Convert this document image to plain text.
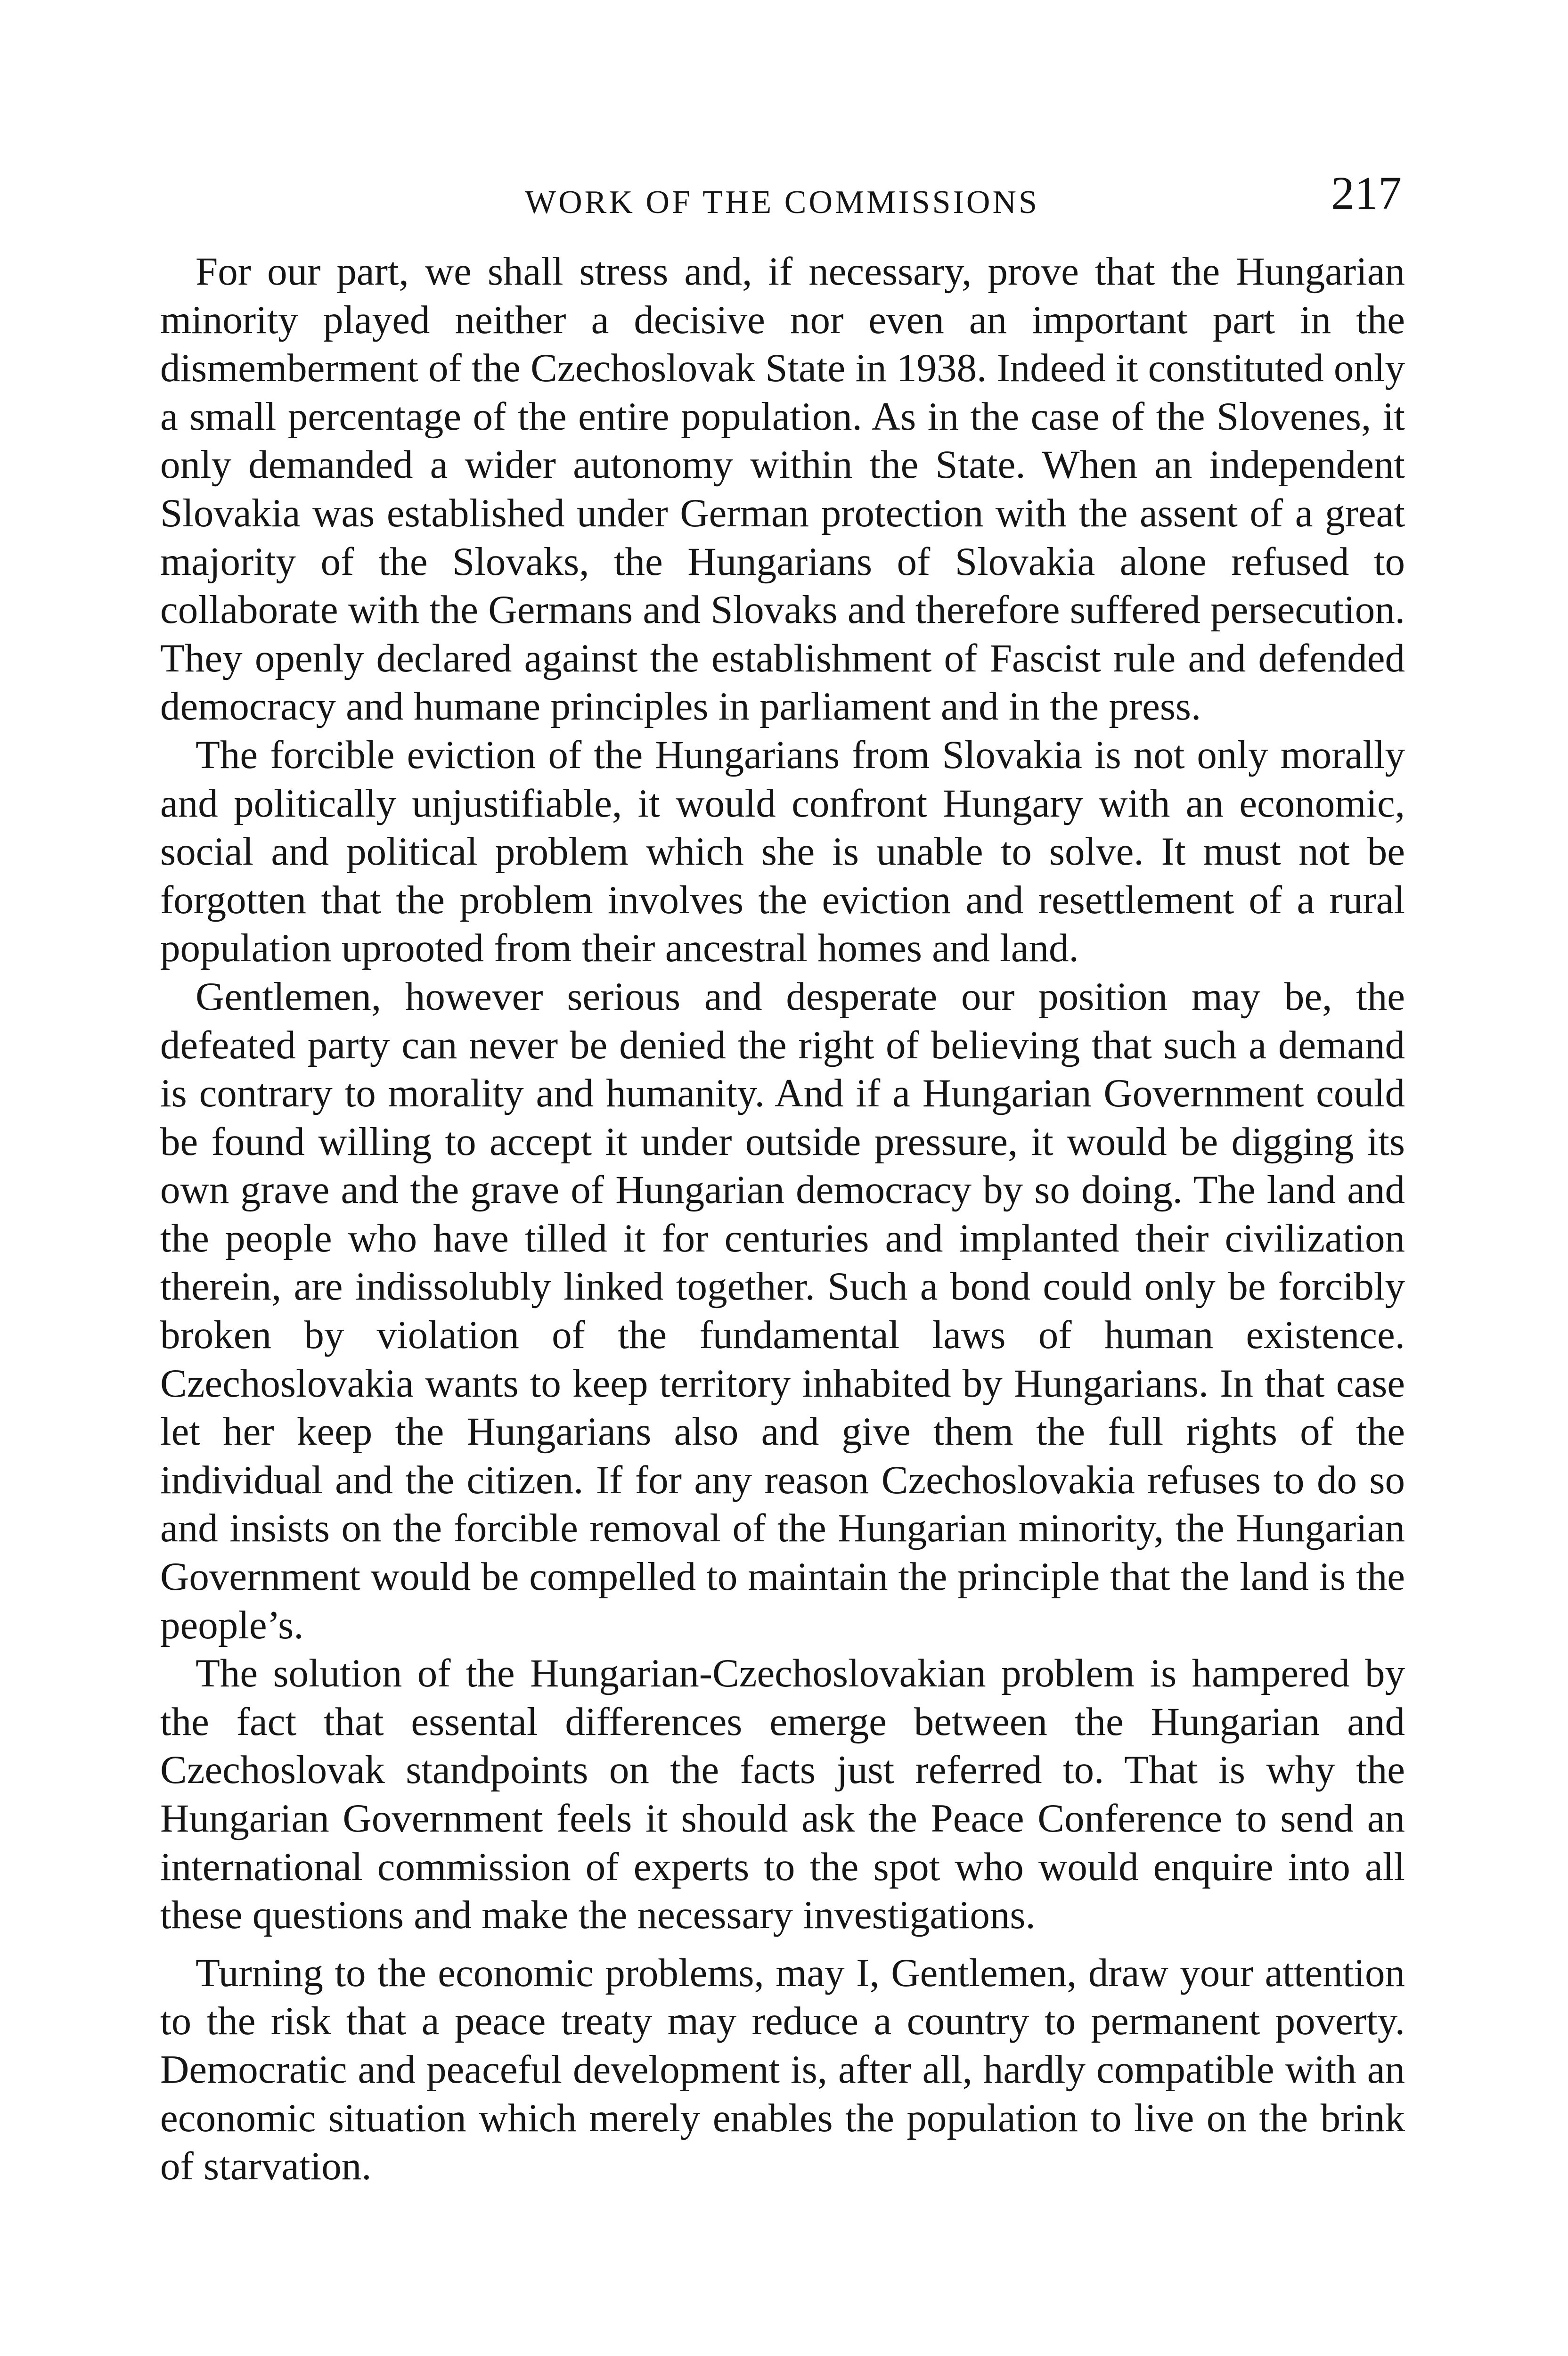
WORK OF THE COMMISSIONS	217

For our part, we shall stress and, if necessary, prove that the Hungarian minority played neither a decisive nor even an important part in the dismemberment of the Czechoslovak State in 1938. Indeed it constituted only a small percentage of the entire population. As in the case of the Slovenes, it only demanded a wider autonomy within the State. When an independent Slovakia was established under German protection with the assent of a great majority of the Slovaks, the Hungarians of Slovakia alone refused to collaborate with the Germans and Slovaks and therefore suffered persecution. They openly declared against the establishment of Fascist rule and defended democracy and humane principles in parliament and in the press.

The forcible eviction of the Hungarians from Slovakia is not only morally and politically unjustifiable, it would confront Hungary with an economic, social and political problem which she is unable to solve. It must not be forgotten that the problem involves the eviction and resettlement of a rural population uprooted from their ancestral homes and land.

Gentlemen, however serious and desperate our position may be, the defeated party can never be denied the right of believing that such a demand is contrary to morality and humanity. And if a Hungarian Government could be found willing to accept it under outside pressure, it would be digging its own grave and the grave of Hungarian democracy by so doing. The land and the people who have tilled it for centuries and implanted their civilization therein, are indissolubly linked together. Such a bond could only be forcibly broken by violation of the fundamental laws of human existence. Czechoslovakia wants to keep territory inhabited by Hungarians. In that case let her keep the Hungarians also and give them the full rights of the individual and the citizen. If for any reason Czechoslovakia refuses to do so and insists on the forcible removal of the Hungarian minority, the Hungarian Government would be compelled to maintain the principle that the land is the people’s.

The solution of the Hungarian-Czechoslovakian problem is hampered by the fact that essental differences emerge between the Hungarian and Czechoslovak standpoints on the facts just referred to. That is why the Hungarian Government feels it should ask the Peace Conference to send an international commission of experts to the spot who would enquire into all these questions and make the necessary investigations.

Turning to the economic problems, may I, Gentlemen, draw your attention to the risk that a peace treaty may reduce a country to permanent poverty. Democratic and peaceful development is, after all, hardly compatible with an economic situation which merely enables the population to live on the brink of starvation.
